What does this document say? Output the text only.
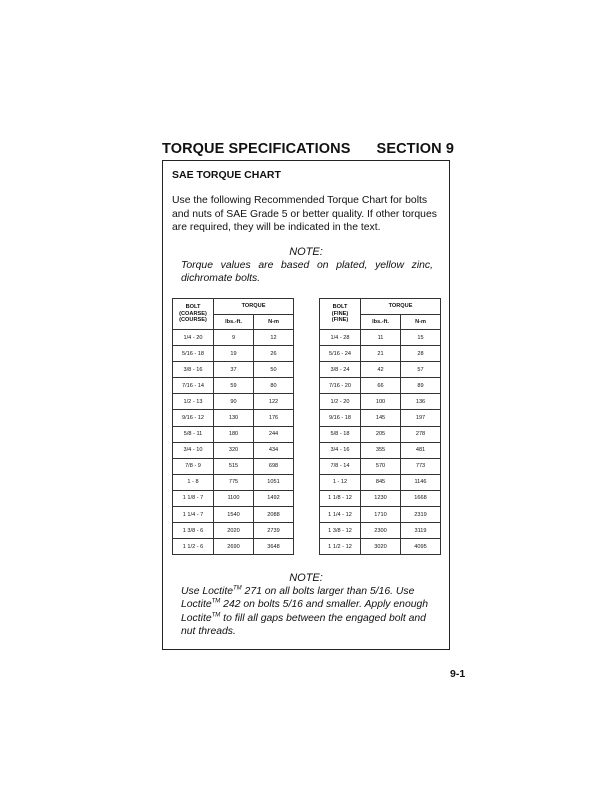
TORQUE SPECIFICATIONS SECTION 9
SAE TORQUE CHART
Use the following Recommended Torque Chart for bolts and nuts of SAE Grade 5 or better quality. If other torques are required, they will be indicated in the text.
NOTE:
Torque values are based on plated, yellow zinc, dichromate bolts.
BOLT
(COARSE)
(COURSE)	TORQUE	
	lbs.-ft.	N-m
1/4 - 20	9	12
5/16 - 18	19	26
3/8 - 16	37	50
7/16 - 14	59	80
1/2 - 13	90	122
9/16 - 12	130	176
5/8 - 11	180	244
3/4 - 10	320	434
7/8 - 9	515	698
1 - 8	775	1051
1 1/8 - 7	1100	1492
1 1/4 - 7	1540	2088
1 3/8 - 6	2020	2739
1 1/2 - 6	2690	3648
BOLT
(FINE)
(FINE)	TORQUE	
	lbs.-ft.	N-m
1/4 - 28	11	15
5/16 - 24	21	28
3/8 - 24	42	57
7/16 - 20	66	89
1/2 - 20	100	136
9/16 - 18	145	197
5/8 - 18	205	278
3/4 - 16	355	481
7/8 - 14	570	773
1 - 12	845	1146
1 1/8 - 12	1230	1668
1 1/4 - 12	1710	2319
1 3/8 - 12	2300	3119
1 1/2 - 12	3020	4095
NOTE:
Use Loctite™ 271 on all bolts larger than 5/16. Use Loctite™ 242 on bolts 5/16 and smaller. Apply enough Loctite™ to fill all gaps between the engaged bolt and nut threads.
9-1
